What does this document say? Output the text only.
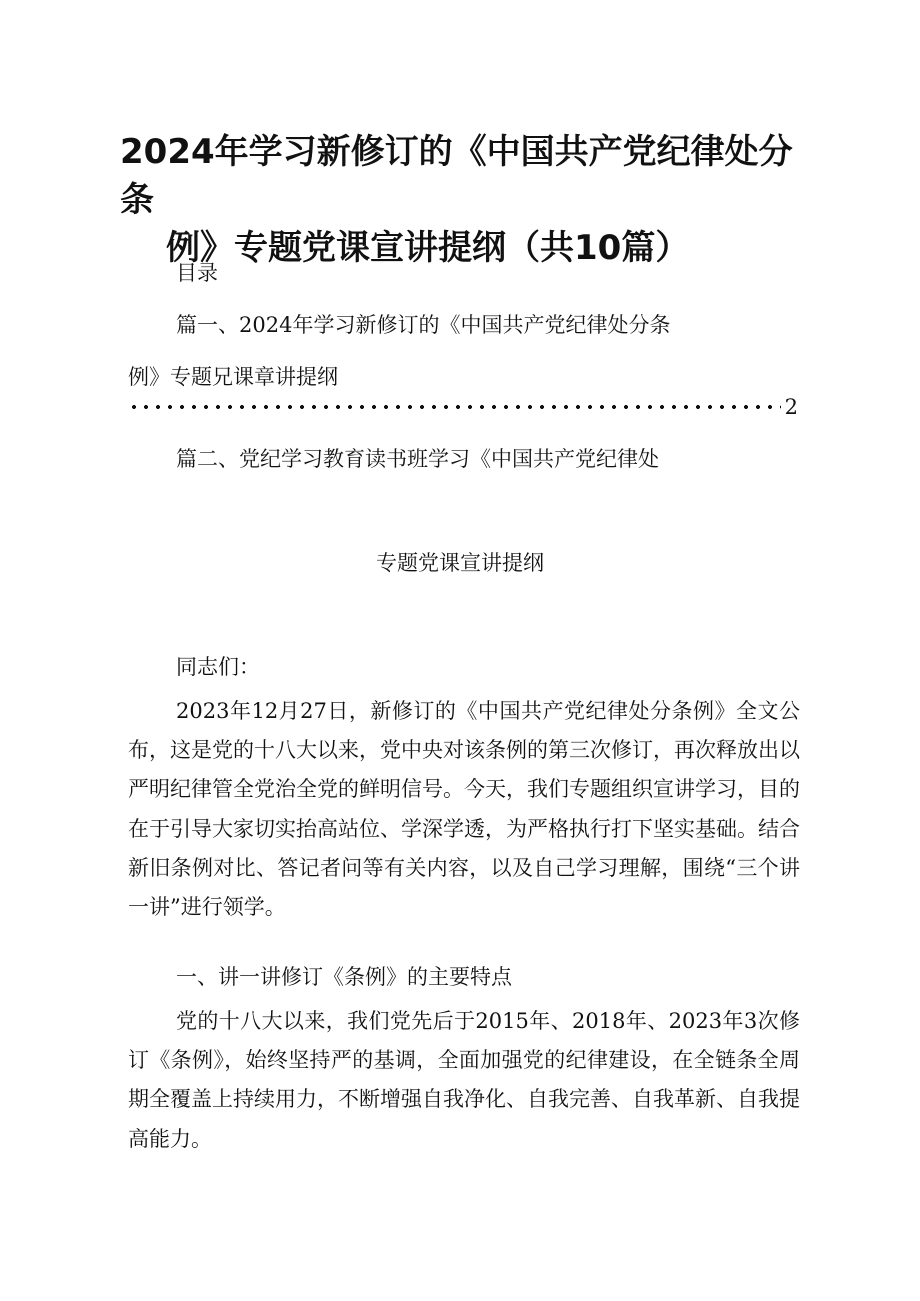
2024年学习新修订的《中国共产党纪律处分条
例》专题党课宣讲提纲（共10篇）
目录
篇一、2024年学习新修订的《中国共产党纪律处分条
例》专题兄课章讲提纲
2
篇二、党纪学习教育读书班学习《中国共产党纪律处
专题党课宣讲提纲
同志们：

2023年12月27日，新修订的《中国共产党纪律处分条例》全文公布，这是党的十八大以来，党中央对该条例的第三次修订，再次释放出以严明纪律管全党治全党的鲜明信号。今天，我们专题组织宣讲学习，目的在于引导大家切实抬高站位、学深学透，为严格执行打下坚实基础。结合新旧条例对比、答记者问等有关内容，以及自己学习理解，围绕“三个讲一讲”进行领学。

一、讲一讲修订《条例》的主要特点

党的十八大以来，我们党先后于2015年、2018年、2023年3次修订《条例》，始终坚持严的基调，全面加强党的纪律建设，在全链条全周期全覆盖上持续用力，不断增强自我净化、自我完善、自我革新、自我提高能力。
